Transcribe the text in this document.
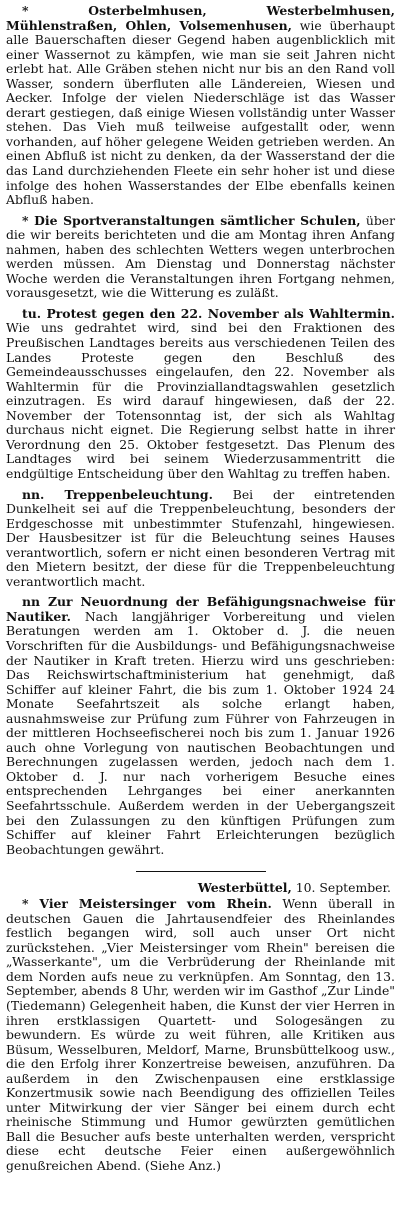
* Osterbelmhusen, Westerbelmhusen, Mühlenstraßen, Ohlen, Volsemenhusen, wie überhaupt alle Bauerschaften dieser Gegend haben augenblicklich mit einer Wassernot zu kämpfen, wie man sie seit Jahren nicht erlebt hat. Alle Gräben stehen nicht nur bis an den Rand voll Wasser, sondern überfluten alle Ländereien, Wiesen und Aecker. Infolge der vielen Niederschläge ist das Wasser derart gestiegen, daß einige Wiesen vollständig unter Wasser stehen. Das Vieh muß teilweise aufgestallt oder, wenn vorhanden, auf höher gelegene Weiden getrieben werden. An einen Abfluß ist nicht zu denken, da der Wasserstand der die das Land durchziehenden Fleete ein sehr hoher ist und diese infolge des hohen Wasserstandes der Elbe ebenfalls keinen Abfluß haben.

* Die Sportveranstaltungen sämtlicher Schulen, über die wir bereits berichteten und die am Montag ihren Anfang nahmen, haben des schlechten Wetters wegen unterbrochen werden müssen. Am Dienstag und Donnerstag nächster Woche werden die Veranstaltungen ihren Fortgang nehmen, vorausgesetzt, wie die Witterung es zuläßt.

tu. Protest gegen den 22. November als Wahltermin. Wie uns gedrahtet wird, sind bei den Fraktionen des Preußischen Landtages bereits aus verschiedenen Teilen des Landes Proteste gegen den Beschluß des Gemeindeausschusses eingelaufen, den 22. November als Wahltermin für die Provinziallandtagswahlen gesetzlich einzutragen. Es wird darauf hingewiesen, daß der 22. November der Totensonntag ist, der sich als Wahltag durchaus nicht eignet. Die Regierung selbst hatte in ihrer Verordnung den 25. Oktober festgesetzt. Das Plenum des Landtages wird bei seinem Wiederzusammentritt die endgültige Entscheidung über den Wahltag zu treffen haben.

nn. Treppenbeleuchtung. Bei der eintretenden Dunkelheit sei auf die Treppenbeleuchtung, besonders der Erdgeschosse mit unbestimmter Stufenzahl, hingewiesen. Der Hausbesitzer ist für die Beleuchtung seines Hauses verantwortlich, sofern er nicht einen besonderen Vertrag mit den Mietern besitzt, der diese für die Treppenbeleuchtung verantwortlich macht.

nn Zur Neuordnung der Befähigungsnachweise für Nautiker. Nach langjähriger Vorbereitung und vielen Beratungen werden am 1. Oktober d. J. die neuen Vorschriften für die Ausbildungs- und Befähigungsnachweise der Nautiker in Kraft treten. Hierzu wird uns geschrieben: Das Reichswirtschaftministerium hat genehmigt, daß Schiffer auf kleiner Fahrt, die bis zum 1. Oktober 1924 24 Monate Seefahrtszeit als solche erlangt haben, ausnahmsweise zur Prüfung zum Führer von Fahrzeugen in der mittleren Hochseefischerei noch bis zum 1. Januar 1926 auch ohne Vorlegung von nautischen Beobachtungen und Berechnungen zugelassen werden, jedoch nach dem 1. Oktober d. J. nur nach vorherigem Besuche eines entsprechenden Lehrganges bei einer anerkannten Seefahrtsschule. Außerdem werden in der Uebergangszeit bei den Zulassungen zu den künftigen Prüfungen zum Schiffer auf kleiner Fahrt Erleichterungen bezüglich Beobachtungen gewährt.

Westerbüttel, 10. September.

* Vier Meistersinger vom Rhein. Wenn überall in deutschen Gauen die Jahrtausendfeier des Rheinlandes festlich begangen wird, soll auch unser Ort nicht zurückstehen. „Vier Meistersinger vom Rhein" bereisen die „Wasserkante", um die Verbrüderung der Rheinlande mit dem Norden aufs neue zu verknüpfen. Am Sonntag, den 13. September, abends 8 Uhr, werden wir im Gasthof „Zur Linde" (Tiedemann) Gelegenheit haben, die Kunst der vier Herren in ihren erstklassigen Quartett- und Sologesängen zu bewundern. Es würde zu weit führen, alle Kritiken aus Büsum, Wesselburen, Meldorf, Marne, Brunsbüttelkoog usw., die den Erfolg ihrer Konzertreise beweisen, anzuführen. Da außerdem in den Zwischenpausen eine erstklassige Konzertmusik sowie nach Beendigung des offiziellen Teiles unter Mitwirkung der vier Sänger bei einem durch echt rheinische Stimmung und Humor gewürzten gemütlichen Ball die Besucher aufs beste unterhalten werden, verspricht diese echt deutsche Feier einen außergewöhnlich genußreichen Abend. (Siehe Anz.)
